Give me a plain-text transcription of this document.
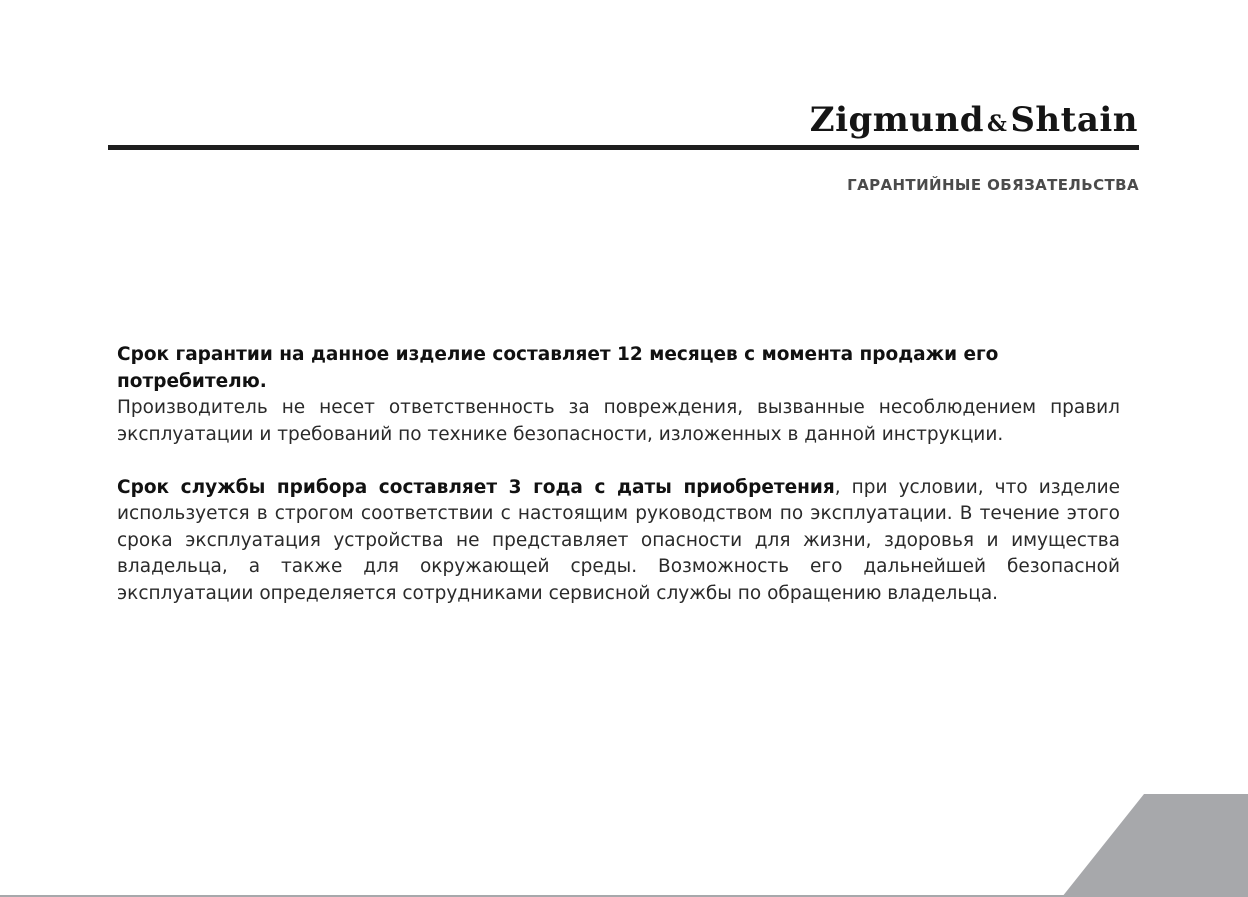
Zigmund & Shtain
ГАРАНТИЙНЫЕ ОБЯЗАТЕЛЬСТВА

Срок гарантии на данное изделие составляет 12 месяцев с момента продажи его потребителю.
Производитель не несет ответственность за повреждения, вызванные несоблюдением правил эксплуатации и требований по технике безопасности, изложенных в данной инструкции.

Срок службы прибора составляет 3 года с даты приобретения, при условии, что изделие используется в строгом соответствии с настоящим руководством по эксплуатации. В течение этого срока эксплуатация устройства не представляет опасности для жизни, здоровья и имущества владельца, а также для окружающей среды. Возможность его дальнейшей безопасной эксплуатации определяется сотрудниками сервисной службы по обращению владельца.
